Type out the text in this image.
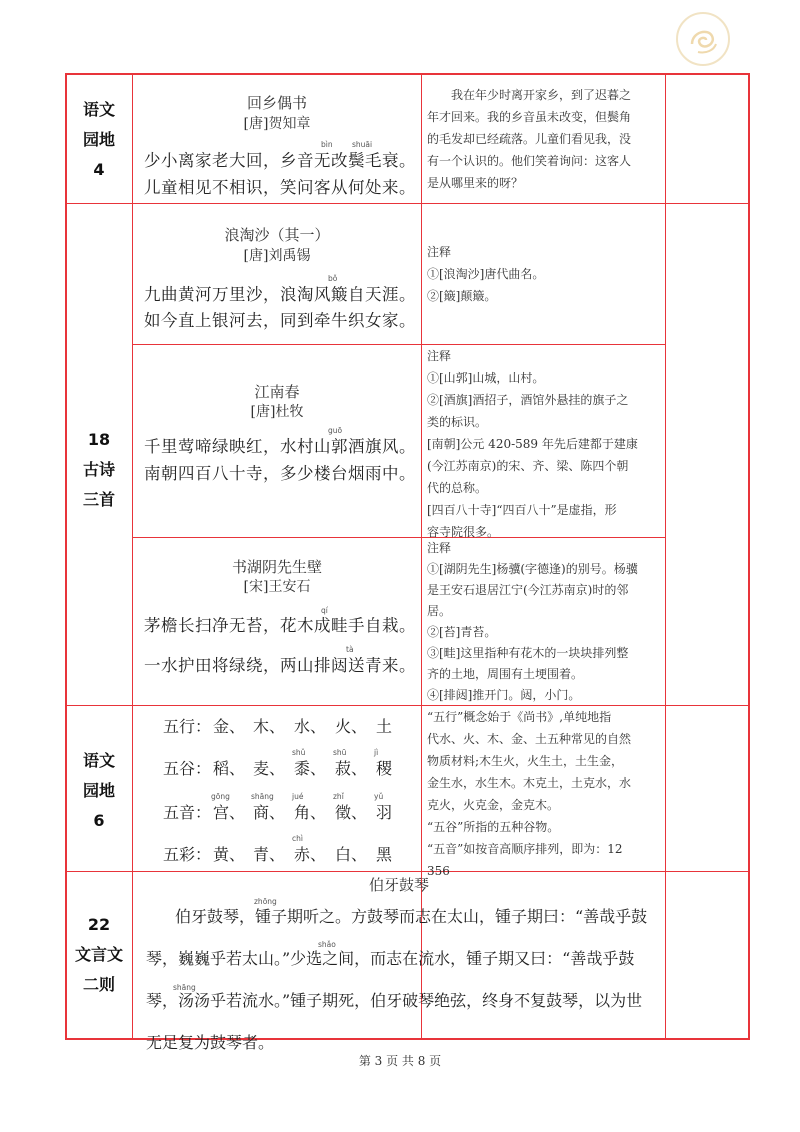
语文
园地
4
回乡偶书
[唐]贺知章
bìn	shuāi
少小离家老大回，乡音无改鬓毛衰。
儿童相见不相识，笑问客从何处来。
我在年少时离开家乡，到了迟暮之
年才回来。我的乡音虽未改变，但鬓角
的毛发却已经疏落。儿童们看见我，没
有一个认识的。他们笑着询问：这客人
是从哪里来的呀？
18
古诗
三首
浪淘沙（其一）
[唐]刘禹锡
bǒ
九曲黄河万里沙，浪淘风簸自天涯。
如今直上银河去，同到牵牛织女家。
注释
①[浪淘沙]唐代曲名。
②[簸]颠簸。
江南春
[唐]杜牧
guō
千里莺啼绿映红，水村山郭酒旗风。
南朝四百八十寺，多少楼台烟雨中。
注释
①[山郭]山城，山村。
②[酒旗]酒招子，酒馆外悬挂的旗子之
类的标识。
[南朝]公元 420-589 年先后建都于建康
(今江苏南京)的宋、齐、梁、陈四个朝
代的总称。
[四百八十寺]“四百八十”是虚指，形
容寺院很多。
书湖阴先生壁
[宋]王安石
qí
tà
茅檐长扫净无苔，花木成畦手自栽。
一水护田将绿绕，两山排闼送青来。
注释
①[湖阴先生]杨骥(字德逢)的别号。杨骥
是王安石退居江宁(今江苏南京)时的邻
居。
②[苔]青苔。
③[畦]这里指种有花木的一块块排列整
齐的土地，周围有土埂围着。
④[排闼]推开门。闼，小门。
语文
园地
6
五行： 金、 木、 水、 火、 土
五谷： 稻、 麦、 黍、
shǔ
菽、
shū
稷
jì
五音： 宫、
gōng
商、
shāng
角、
jué
徵、
zhǐ
羽
yǔ
五彩： 黄、 青、 赤、
chì
白、 黑
“五行”概念始于《尚书》,单纯地指
代水、火、木、金、土五种常见的自然
物质材料;木生火，火生土，土生金，
金生水，水生木。木克土，土克水，水
克火，火克金，金克木。
“五谷”所指的五种谷物。
“五音”如按音高顺序排列，即为：12
356
22
文言文
二则
伯牙鼓琴
zhōng
shǎo
shāng
伯牙鼓琴，锺子期听之。方鼓琴而志在太山，锺子期曰：“善哉乎鼓
琴，巍巍乎若太山。”少选之间，而志在流水，锺子期又曰：“善哉乎鼓
琴，汤汤乎若流水。”锺子期死，伯牙破琴绝弦，终身不复鼓琴，以为世
无足复为鼓琴者。
第 3 页 共 8 页
